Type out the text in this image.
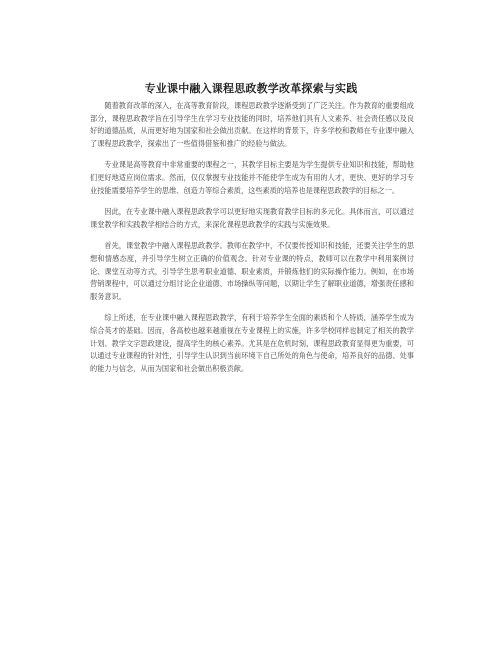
专业课中融入课程思政教学改革探索与实践

随着教育改革的深入，在高等教育阶段，课程思政教学逐渐受到了广泛关注。作为教育的重要组成部分，课程思政教学旨在引导学生在学习专业技能的同时，培养他们具有人文素养、社会责任感以及良好的道德品质，从而更好地为国家和社会做出贡献。在这样的背景下，许多学校和教师在专业课中融入了课程思政教学，探索出了一些值得借鉴和推广的经验与做法。

专业课是高等教育中非常重要的课程之一，其教学目标主要是为学生提供专业知识和技能，帮助他们更好地适应岗位需求。然而，仅仅掌握专业技能并不能使学生成为有用的人才，更快、更好的学习专业技能需要培养学生的思维、创造力等综合素质，这些素质的培养也是课程思政教学的目标之一。

因此，在专业课中融入课程思政教学可以更好地实现教育教学目标的多元化。具体而言，可以通过课堂教学和实践教学相结合的方式，来深化课程思政教学的实践与实施效果。

首先，课堂教学中融入课程思政教学。教师在教学中，不仅要传授知识和技能，还要关注学生的思想和情感态度，并引导学生树立正确的价值观念。针对专业课的特点，教师可以在教学中利用案例讨论、课堂互动等方式，引导学生思考职业道德、职业素质，并锻炼他们的实际操作能力。例如，在市场营销课程中，可以通过分组讨论企业道德、市场操纵等问题，以期让学生了解职业道德，增强责任感和服务意识。

综上所述，在专业课中融入课程思政教学，有利于培养学生全面的素质和个人特质，涵养学生成为综合英才的基础。因而，各高校也越来越重视在专业课程上的实施，许多学校同样也制定了相关的教学计划、教学文字思政建设，提高学生的核心素养。尤其是在危机时刻，课程思政教育显得更为重要，可以通过专业课程的针对性，引导学生认识到当前环境下自己所处的角色与使命，培养良好的品德、处事的能力与信念，从而为国家和社会做出积极贡献。
